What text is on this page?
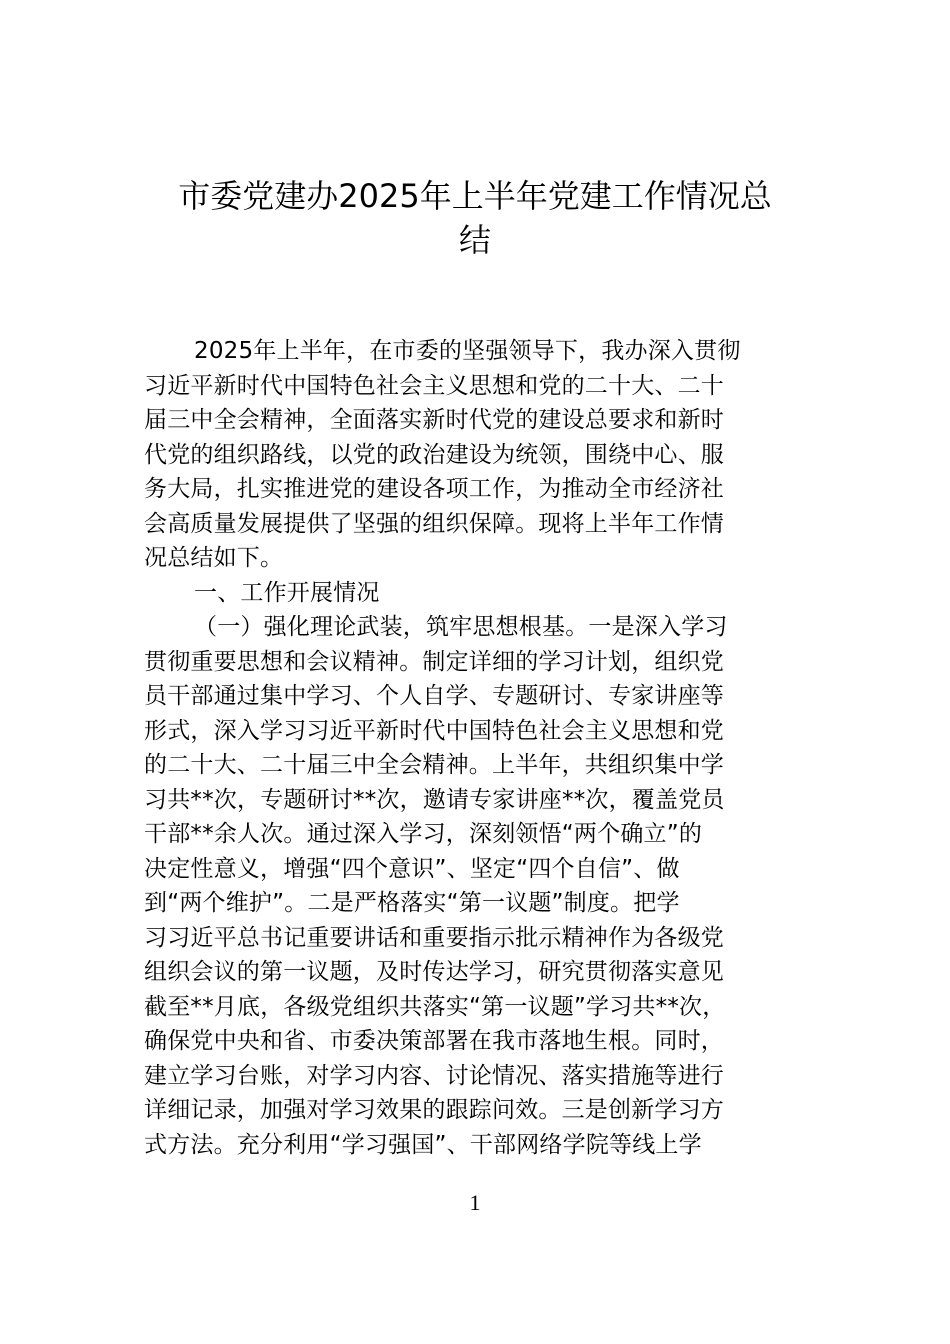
市委党建办2025年上半年党建工作情况总
结
2025年上半年，在市委的坚强领导下，我办深入贯彻
习近平新时代中国特色社会主义思想和党的二十大、二十
届三中全会精神，全面落实新时代党的建设总要求和新时
代党的组织路线，以党的政治建设为统领，围绕中心、服
务大局，扎实推进党的建设各项工作，为推动全市经济社
会高质量发展提供了坚强的组织保障。现将上半年工作情
况总结如下。
一、工作开展情况
（一）强化理论武装，筑牢思想根基。一是深入学习
贯彻重要思想和会议精神。制定详细的学习计划，组织党
员干部通过集中学习、个人自学、专题研讨、专家讲座等
形式，深入学习习近平新时代中国特色社会主义思想和党
的二十大、二十届三中全会精神。上半年，共组织集中学
习共**次，专题研讨**次，邀请专家讲座**次，覆盖党员
干部**余人次。通过深入学习，深刻领悟“两个确立”的
决定性意义，增强“四个意识”、坚定“四个自信”、做
到“两个维护”。二是严格落实“第一议题”制度。把学
习习近平总书记重要讲话和重要指示批示精神作为各级党
组织会议的第一议题，及时传达学习，研究贯彻落实意见
截至**月底，各级党组织共落实“第一议题”学习共**次，
确保党中央和省、市委决策部署在我市落地生根。同时，
建立学习台账，对学习内容、讨论情况、落实措施等进行
详细记录，加强对学习效果的跟踪问效。三是创新学习方
式方法。充分利用“学习强国”、干部网络学院等线上学
1
